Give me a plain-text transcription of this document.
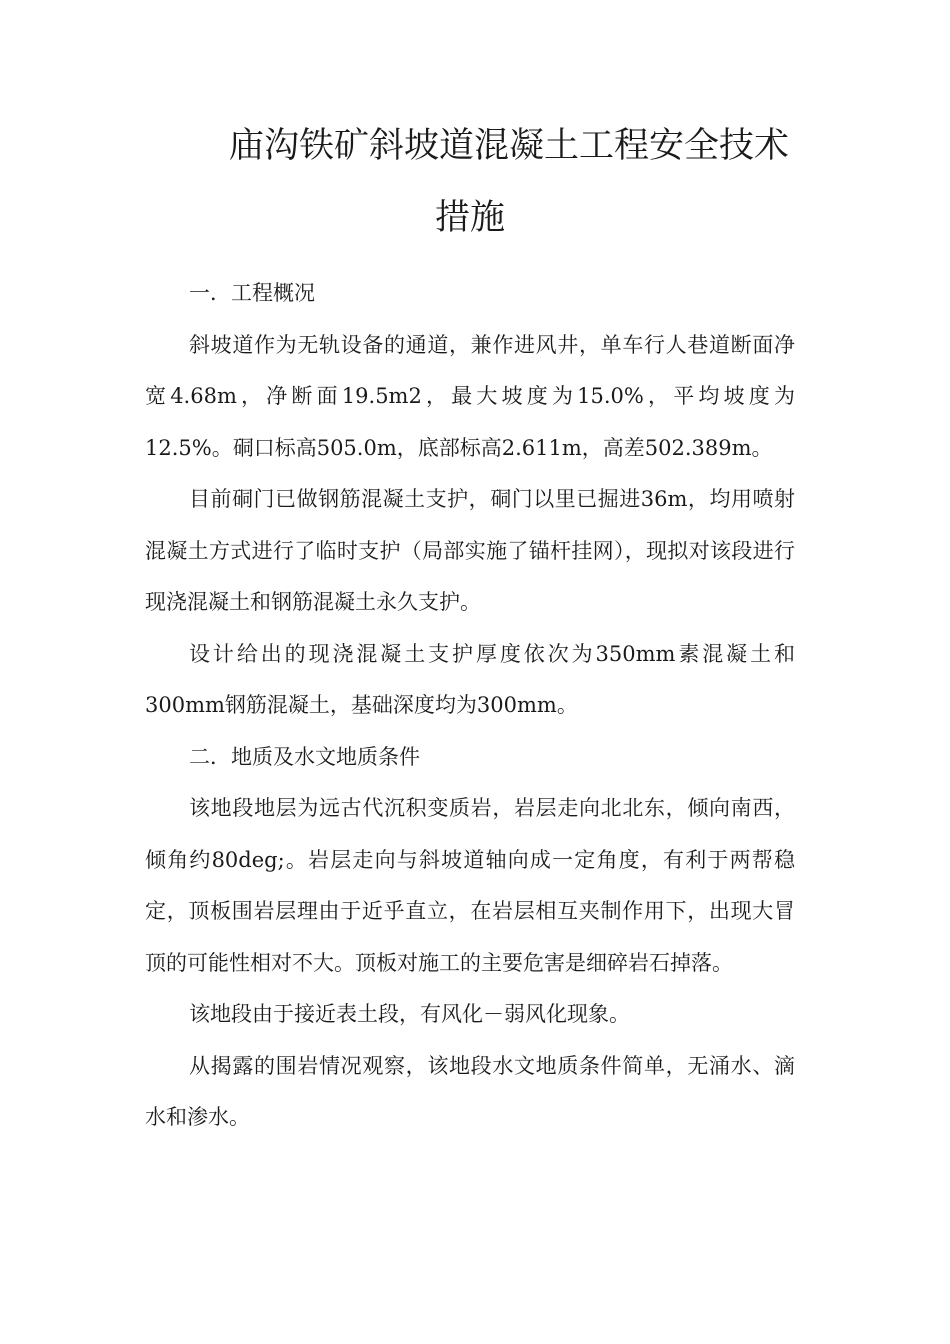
庙沟铁矿斜坡道混凝土工程安全技术措施
一．工程概况

斜坡道作为无轨设备的通道，兼作进风井，单车行人巷道断面净宽4.68m，净断面19.5m2，最大坡度为15.0%，平均坡度为12.5%。硐口标高505.0m，底部标高2.611m，高差502.389m。

目前硐门已做钢筋混凝土支护，硐门以里已掘进36m，均用喷射混凝土方式进行了临时支护（局部实施了锚杆挂网），现拟对该段进行现浇混凝土和钢筋混凝土永久支护。

设计给出的现浇混凝土支护厚度依次为350mm素混凝土和300mm钢筋混凝土，基础深度均为300mm。

二．地质及水文地质条件

该地段地层为远古代沉积变质岩，岩层走向北北东，倾向南西，倾角约80deg;。岩层走向与斜坡道轴向成一定角度，有利于两帮稳定，顶板围岩层理由于近乎直立，在岩层相互夹制作用下，出现大冒顶的可能性相对不大。顶板对施工的主要危害是细碎岩石掉落。

该地段由于接近表土段，有风化－弱风化现象。

从揭露的围岩情况观察，该地段水文地质条件简单，无涌水、滴水和渗水。
